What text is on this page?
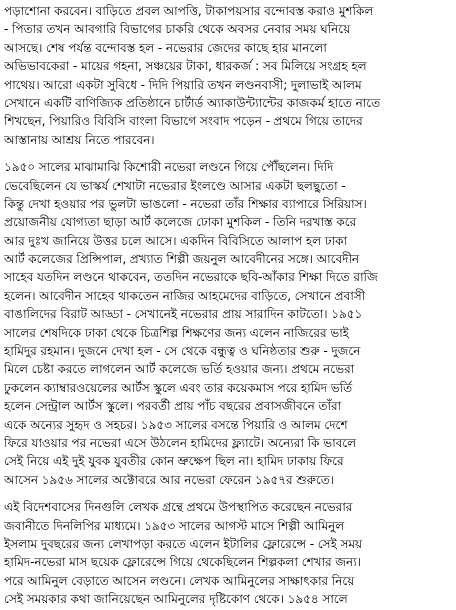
পড়াশোনা করবেন। বাড়িতে প্রবল আপত্তি, টাকাপয়সার বন্দোবস্ত করাও মুশকিল
- পিতার তখন আবগারি বিভাগের চাকরি থেকে অবসর নেবার সময় ঘনিয়ে
আসছে। শেষ পর্যন্ত বন্দোবস্ত হল - নভেরার জেদের কাছে হার মানলো
অভিভাবকেরা - মায়ের গহনা, সঞ্চয়ের টাকা, ধারকর্জ : সব মিলিয়ে সংগ্রহ হল
পাথেয়। আরো একটা সুবিধে - দিদি পিয়ারি তখন লণ্ডনবাসী; দুলাভাই আলম
সেখানে একটি বাণিজ্যিক প্রতিষ্ঠানে চার্টার্ড অ্যাকাউন্ট্যান্টের কাজকর্ম হাতে নাতে
শিখছেন, পিয়ারিও বিবিসি বাংলা বিভাগে সংবাদ পড়েন - প্রথমে গিয়ে তাদের
আস্তানায় আশ্রয় নিতে পারবেন।
১৯৫০ সালের মাঝামাঝি কিশোরী নভেরা লণ্ডনে গিয়ে পৌঁছলেন। দিদি
ভেবেছিলেন যে ভাস্কর্য শেখাটা নভেরার ইংলণ্ডে আসার একটা ছলছুতো -
কিন্তু দেখা হওয়ার পর ভুলটা ভাঙলো - নভেরা তাঁর শিক্ষার ব্যাপারে সিরিয়াস।
প্রয়োজনীয় যোগ্যতা ছাড়া আর্ট কলেজে ঢোকা মুশকিল - তিনি দরখাস্ত করে
আর দুঃখ জানিয়ে উত্তর চলে আসে। একদিন বিবিসিতে আলাপ হল ঢাকা
আর্ট কলেজের প্রিন্সিপাল, প্রখ্যাত শিল্পী জয়নুল আবেদীনের সঙ্গে। আবেদীন
সাহেব যতদিন লণ্ডনে থাকবেন, ততদিন নভেরাকে ছবি-আঁকার শিক্ষা দিতে রাজি
হলেন। আবেদীন সাহেব থাকতেন নাজির আহমেদের বাড়িতে, সেখানে প্রবাসী
বাঙালিদের বিরাট আড্ডা - সেখানেই নভেরার প্রায় সারাদিন কাটতো। ১৯৫১
সালের শেষদিকে ঢাকা থেকে চিত্রশিল্প শিক্ষণের জন্য এলেন নাজিরের ভাই
হামিদুর রহমান। দুজনে দেখা হল - সে থেকে বন্ধুত্ব ও ঘনিষ্ঠতার শুরু - দুজনে
মিলে চেষ্টা করতে লাগলেন আর্ট কলেজে ভর্তি হওয়ার জন্য। প্রথমে নভেরা
ঢুকলেন ক্যাম্বারওয়েলের আর্টস স্কুলে এবং তার কয়েকমাস পরে হামিদ ভর্তি
হলেন সেন্ট্রাল আর্টস স্কুলে। পরবর্তী প্রায় পাঁচ বছরের প্রবাসজীবনে তাঁরা
একে অন্যের সুহৃদ ও সহচর। ১৯৫৩ সালের বসন্তে পিয়ারি ও আলম দেশে
ফিরে যাওয়ার পর নভেরা এসে উঠলেন হামিদের ফ্ল্যাটে। অন্যেরা কি ভাবলে
সেই নিয়ে এই দুই যুবক যুবতীর কোন ভ্রুক্ষেপ ছিল না। হামিদ ঢাকায় ফিরে
আসেন ১৯৫৬ সালের অক্টোবরে আর নভেরা ফেরেন ১৯৫৭র শুরুতে।
এই বিদেশবাসের দিনগুলি লেখক গ্রন্থে প্রথমে উপস্থাপিত করেছেন নভেরার
জবানীতে দিনলিপির মাধ্যমে। ১৯৫৩ সালের আগস্ট মাসে শিল্পী আমিনুল
ইসলাম দুবছরের জন্য লেখাপড়া করতে এলেন ইটালির ফ্লোরেন্সে - সেই সময়
হামিদ-নভেরা মাস ছয়েক ফ্লোরেন্সে গিয়ে থেকেছিলেন শিল্পকলা শেখার জন্য।
পরে আমিনুল বেড়াতে আসেন লণ্ডনে। লেখক আমিনুলের সাক্ষাৎকার নিয়ে
সেই সময়কার কথা জানিয়েছেন আমিনুলের দৃষ্টিকোণ থেকে। ১৯৫৪ সালে
